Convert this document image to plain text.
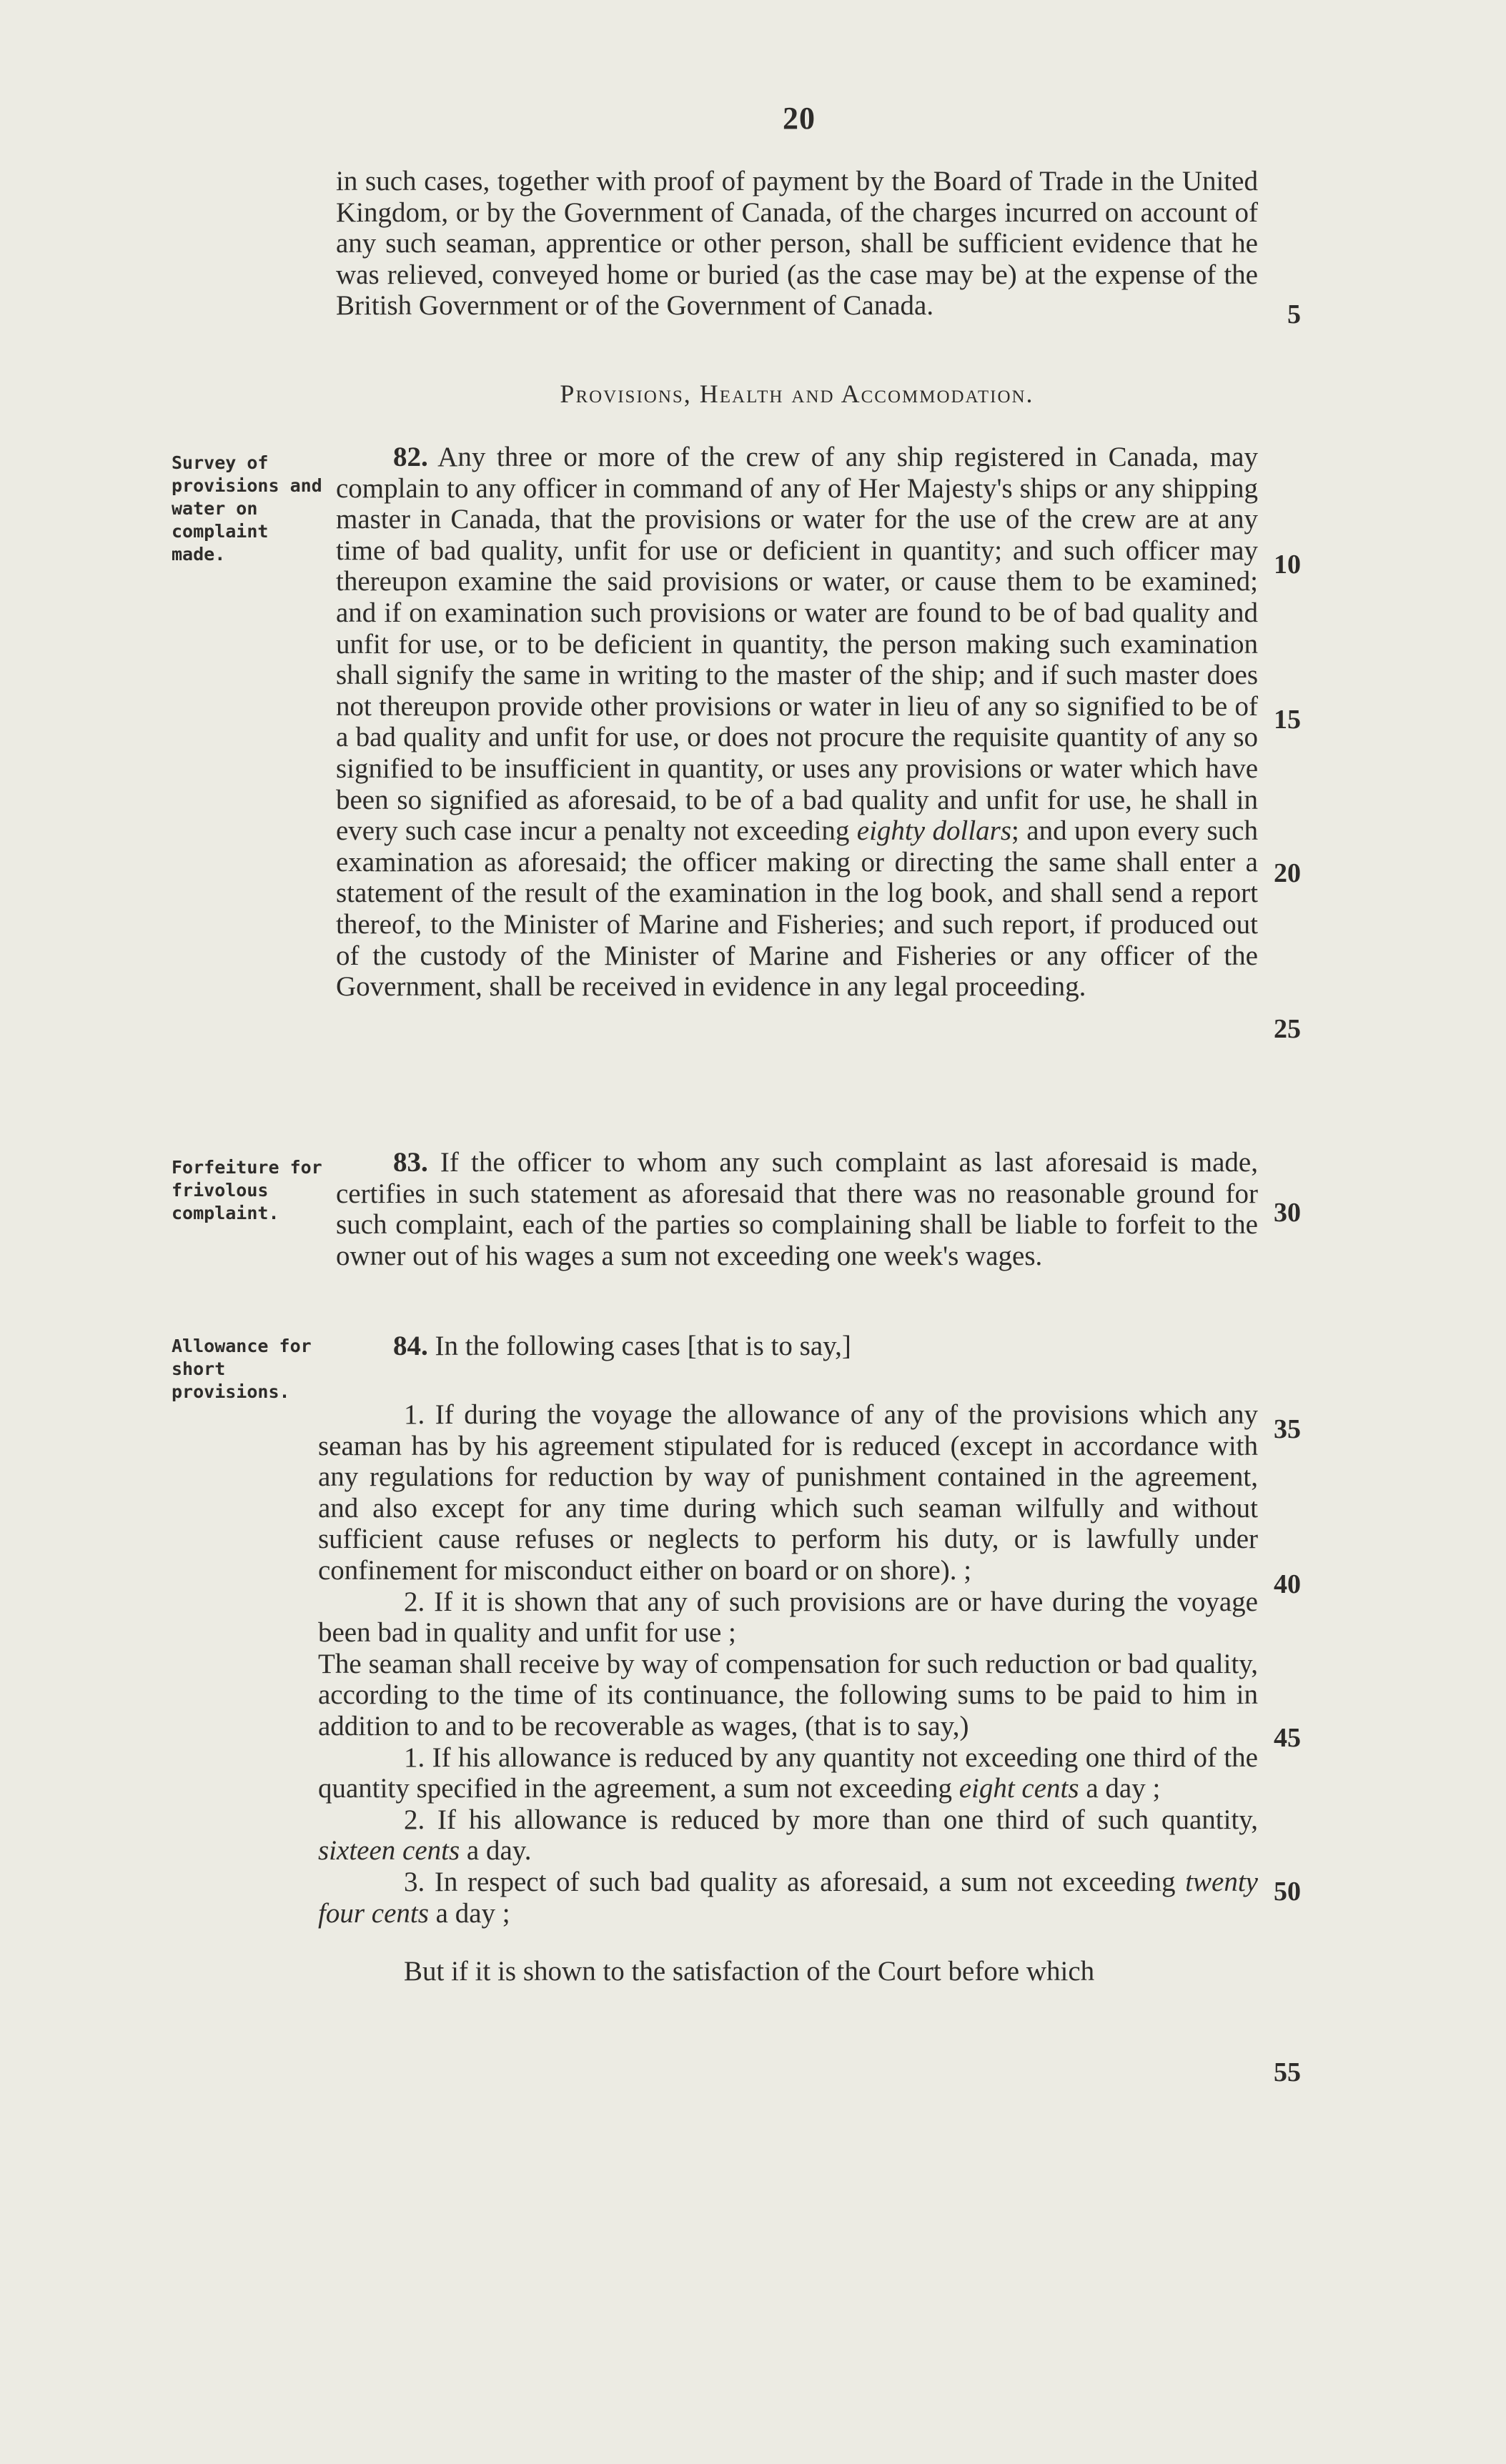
20

in such cases, together with proof of payment by the Board of Trade in the United Kingdom, or by the Government of Canada, of the charges incurred on account of any such seaman, apprentice or other person, shall be sufficient evidence that he was relieved, conveyed home or buried (as the case may be) at the expense of the British Government or of the Government of Canada.

Provisions, Health and Accommodation.
Survey of provisions and water on complaint made.

82. Any three or more of the crew of any ship registered in Canada, may complain to any officer in command of any of Her Majesty's ships or any shipping master in Canada, that the provisions or water for the use of the crew are at any time of bad quality, unfit for use or deficient in quantity; and such officer may thereupon examine the said provisions or water, or cause them to be examined; and if on examination such provisions or water are found to be of bad quality and unfit for use, or to be deficient in quantity, the person making such examination shall signify the same in writing to the master of the ship; and if such master does not thereupon provide other provisions or water in lieu of any so signified to be of a bad quality and unfit for use, or does not procure the requisite quantity of any so signified to be insufficient in quantity, or uses any provisions or water which have been so signified as aforesaid, to be of a bad quality and unfit for use, he shall in every such case incur a penalty not exceeding eighty dollars; and upon every such examination as aforesaid; the officer making or directing the same shall enter a statement of the result of the examination in the log book, and shall send a report thereof, to the Minister of Marine and Fisheries; and such report, if produced out of the custody of the Minister of Marine and Fisheries or any officer of the Government, shall be received in evidence in any legal proceeding.

Forfeiture for frivolous complaint.

83. If the officer to whom any such complaint as last aforesaid is made, certifies in such statement as aforesaid that there was no reasonable ground for such complaint, each of the parties so complaining shall be liable to forfeit to the owner out of his wages a sum not exceeding one week's wages.

Allowance for short provisions.

84. In the following cases [that is to say,]

1. If during the voyage the allowance of any of the provisions which any seaman has by his agreement stipulated for is reduced (except in accordance with any regulations for reduction by way of punishment contained in the agreement, and also except for any time during which such seaman wilfully and without sufficient cause refuses or neglects to perform his duty, or is lawfully under confinement for misconduct either on board or on shore). ;

2. If it is shown that any of such provisions are or have during the voyage been bad in quality and unfit for use ;

The seaman shall receive by way of compensation for such reduction or bad quality, according to the time of its continuance, the following sums to be paid to him in addition to and to be recoverable as wages, (that is to say,)

1. If his allowance is reduced by any quantity not exceeding one third of the quantity specified in the agreement, a sum not exceeding eight cents a day ;

2. If his allowance is reduced by more than one third of such quantity, sixteen cents a day.

3. In respect of such bad quality as aforesaid, a sum not exceeding twenty four cents a day ;

But if it is shown to the satisfaction of the Court before which

5
10
15
20
25
30
35
40
45
50
55
